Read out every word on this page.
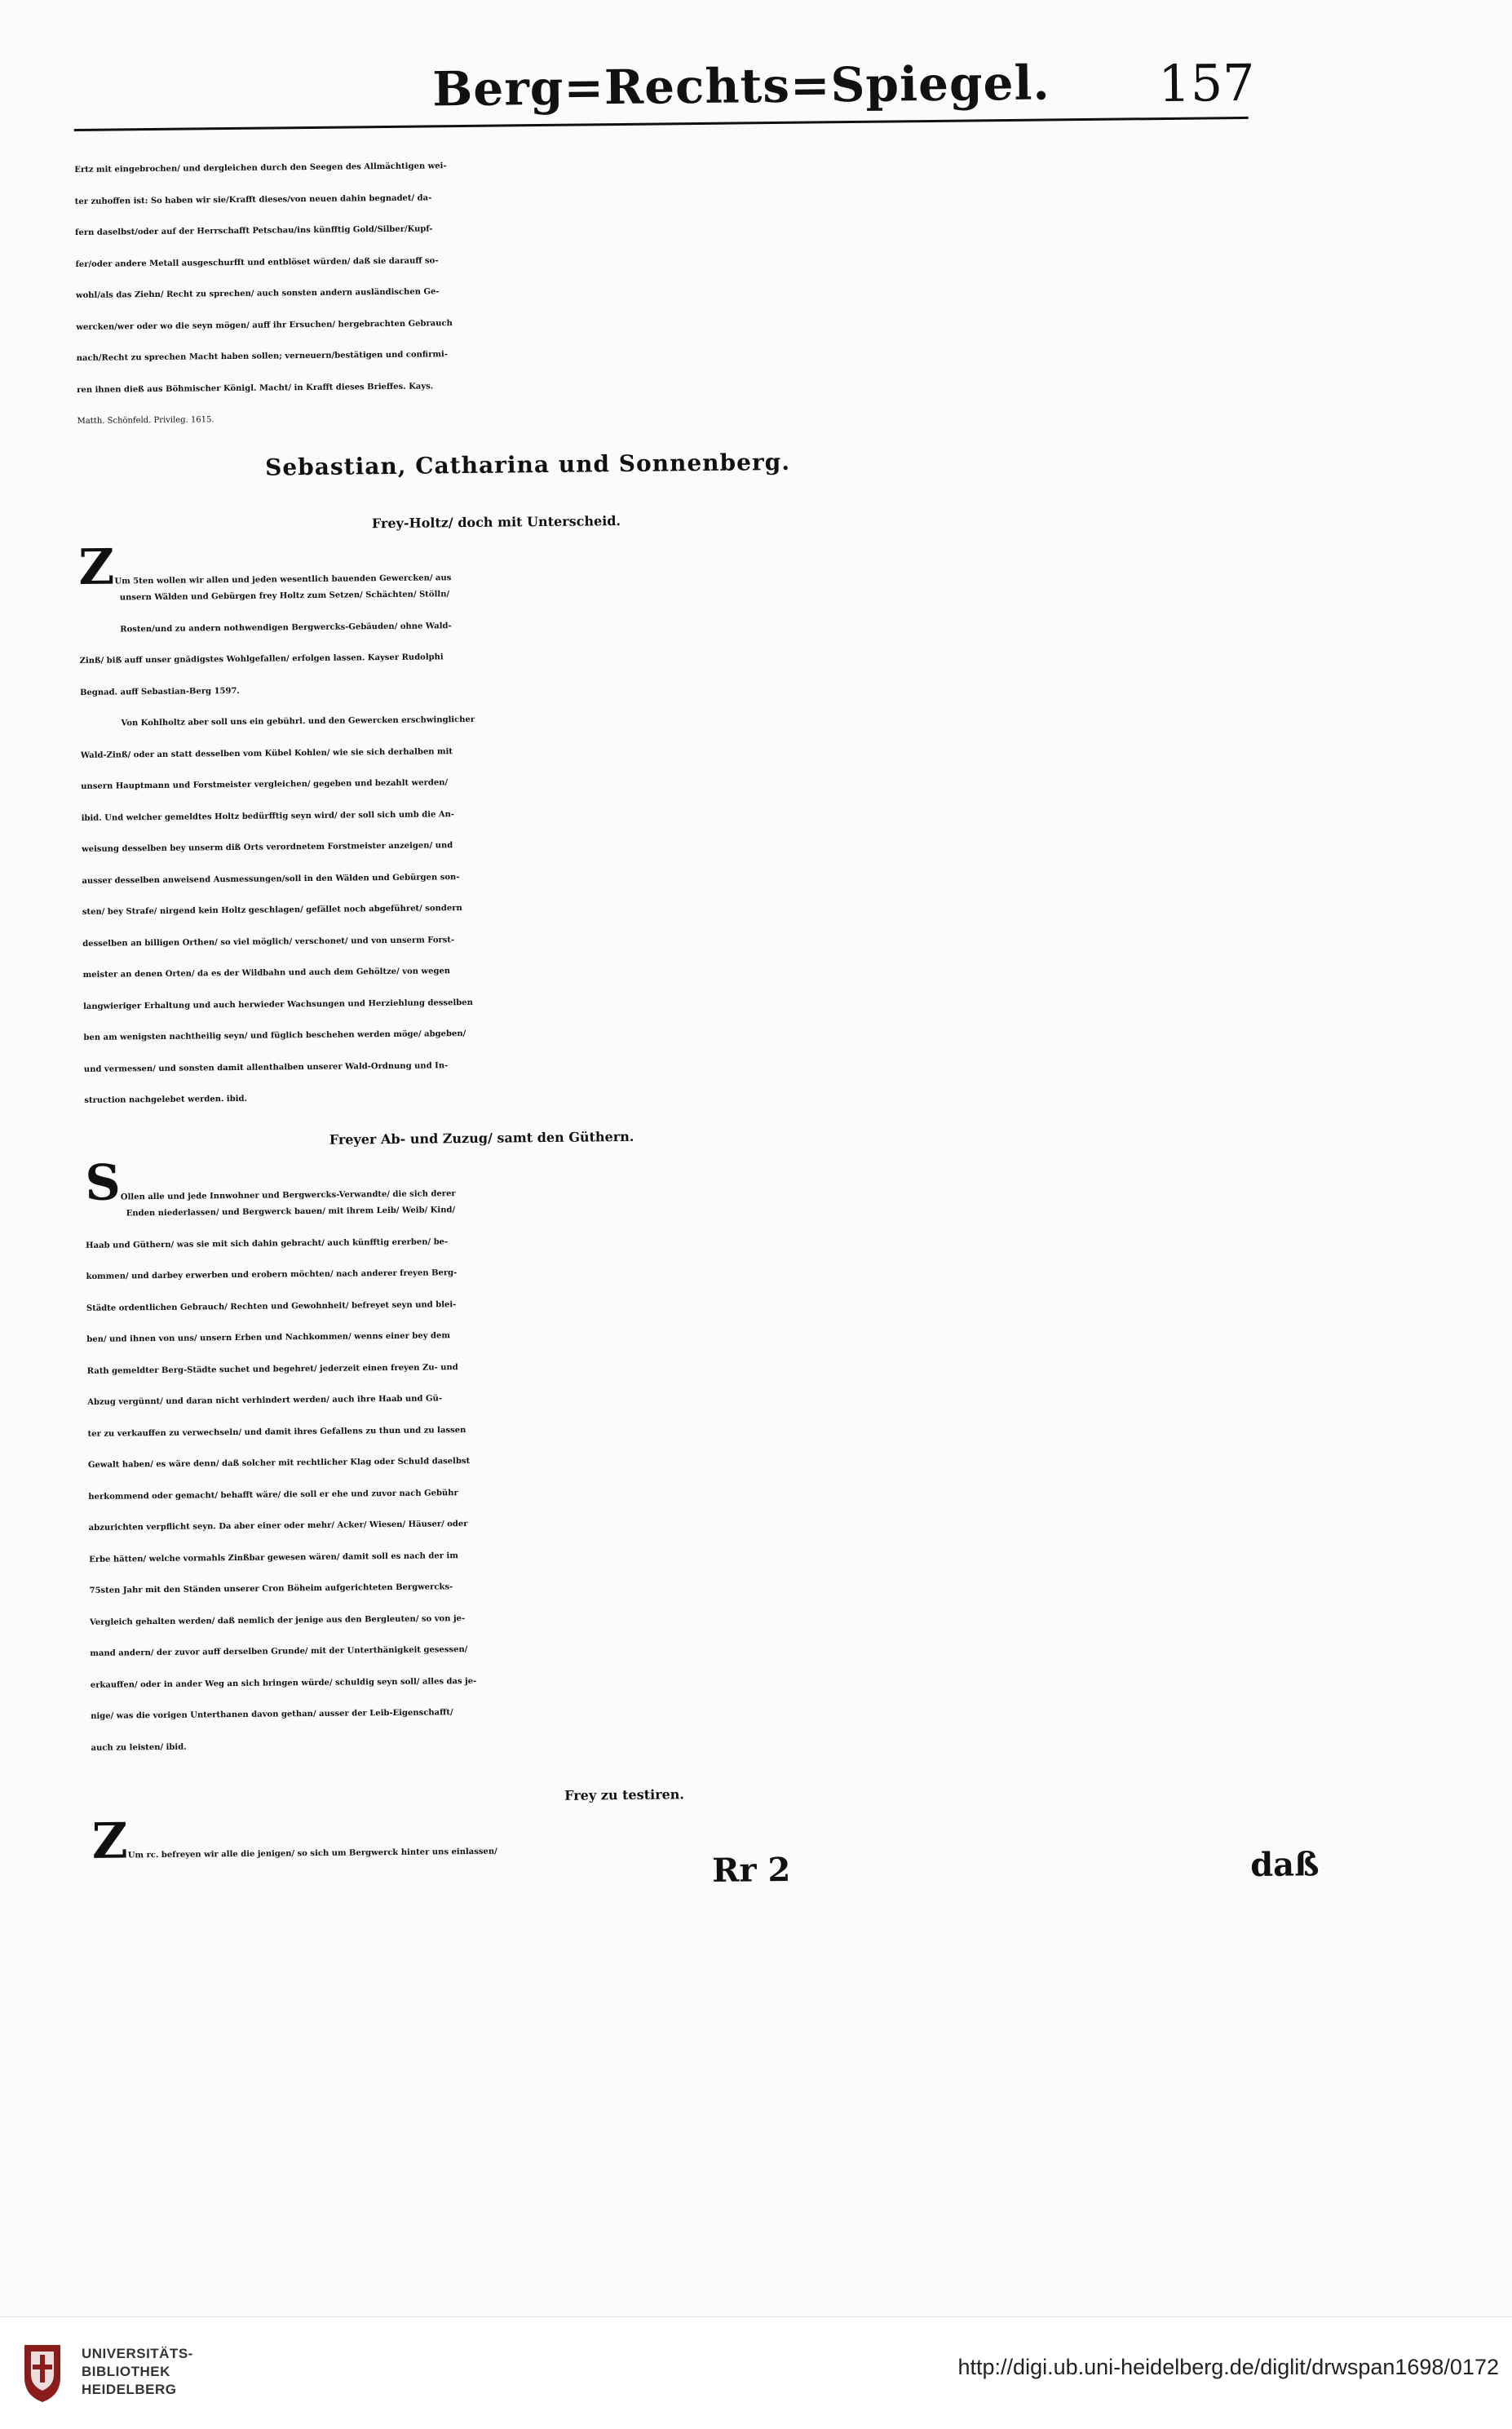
Berg=Rechts=Spiegel. 157
Ertz mit eingebrochen/ und dergleichen durch den Seegen des Allmächtigen wei-
ter zuhoffen ist: So haben wir sie/Krafft dieses/von neuen dahin begnadet/ da-
fern daselbst/oder auf der Herrschafft Petschau/ins künfftig Gold/Silber/Kupf-
fer/oder andere Metall ausgeschurfft und entblöset würden/ daß sie darauff so-
wohl/als das Ziehn/ Recht zu sprechen/ auch sonsten andern ausländischen Ge-
wercken/wer oder wo die seyn mögen/ auff ihr Ersuchen/ hergebrachten Gebrauch
nach/Recht zu sprechen Macht haben sollen; verneuern/bestätigen und confirmi-
ren ihnen dieß aus Böhmischer Königl. Macht/ in Krafft dieses Brieffes. Kays.
Matth. Schönfeld. Privileg. 1615.
Sebastian, Catharina und Sonnenberg.
Frey-Holtz/ doch mit Unterscheid.
ZUm 5ten wollen wir allen und jeden wesentlich bauenden Gewercken/ aus
unsern Wälden und Gebürgen frey Holtz zum Setzen/ Schächten/ Stölln/
Rosten/und zu andern nothwendigen Bergwercks-Gebäuden/ ohne Wald-
Zinß/ biß auff unser gnädigstes Wohlgefallen/ erfolgen lassen. Kayser Rudolphi
Begnad. auff Sebastian-Berg 1597.
Von Kohlholtz aber soll uns ein gebührl. und den Gewercken erschwinglicher
Wald-Zinß/ oder an statt desselben vom Kübel Kohlen/ wie sie sich derhalben mit
unsern Hauptmann und Forstmeister vergleichen/ gegeben und bezahlt werden/
ibid. Und welcher gemeldtes Holtz bedürfftig seyn wird/ der soll sich umb die An-
weisung desselben bey unserm diß Orts verordnetem Forstmeister anzeigen/ und
ausser desselben anweisend Ausmessungen/soll in den Wälden und Gebürgen son-
sten/ bey Strafe/ nirgend kein Holtz geschlagen/ gefället noch abgeführet/ sondern
desselben an billigen Orthen/ so viel möglich/ verschonet/ und von unserm Forst-
meister an denen Orten/ da es der Wildbahn und auch dem Gehöltze/ von wegen
langwieriger Erhaltung und auch herwieder Wachsungen und Herziehlung desselben
ben am wenigsten nachtheilig seyn/ und füglich beschehen werden möge/ abgeben/
und vermessen/ und sonsten damit allenthalben unserer Wald-Ordnung und In-
struction nachgelebet werden. ibid.
Freyer Ab- und Zuzug/ samt den Güthern.
SOllen alle und jede Innwohner und Bergwercks-Verwandte/ die sich derer
Enden niederlassen/ und Bergwerck bauen/ mit ihrem Leib/ Weib/ Kind/
Haab und Güthern/ was sie mit sich dahin gebracht/ auch künfftig ererben/ be-
kommen/ und darbey erwerben und erobern möchten/ nach anderer freyen Berg-
Städte ordentlichen Gebrauch/ Rechten und Gewohnheit/ befreyet seyn und blei-
ben/ und ihnen von uns/ unsern Erben und Nachkommen/ wenns einer bey dem
Rath gemeldter Berg-Städte suchet und begehret/ jederzeit einen freyen Zu- und
Abzug vergünnt/ und daran nicht verhindert werden/ auch ihre Haab und Gü-
ter zu verkauffen zu verwechseln/ und damit ihres Gefallens zu thun und zu lassen
Gewalt haben/ es wäre denn/ daß solcher mit rechtlicher Klag oder Schuld daselbst
herkommend oder gemacht/ behafft wäre/ die soll er ehe und zuvor nach Gebühr
abzurichten verpflicht seyn. Da aber einer oder mehr/ Acker/ Wiesen/ Häuser/ oder
Erbe hätten/ welche vormahls Zinßbar gewesen wären/ damit soll es nach der im
75sten Jahr mit den Ständen unserer Cron Böheim aufgerichteten Bergwercks-
Vergleich gehalten werden/ daß nemlich der jenige aus den Bergleuten/ so von je-
mand andern/ der zuvor auff derselben Grunde/ mit der Unterthänigkeit gesessen/
erkauffen/ oder in ander Weg an sich bringen würde/ schuldig seyn soll/ alles das je-
nige/ was die vorigen Unterthanen davon gethan/ ausser der Leib-Eigenschafft/
auch zu leisten/ ibid.
Frey zu testiren.
ZUm rc. befreyen wir alle die jenigen/ so sich um Bergwerck hinter uns einlassen/	Rr 2	daß
UNIVERSITÄTS-
BIBLIOTHEK
HEIDELBERG
http://digi.ub.uni-heidelberg.de/diglit/drwspan1698/0172
